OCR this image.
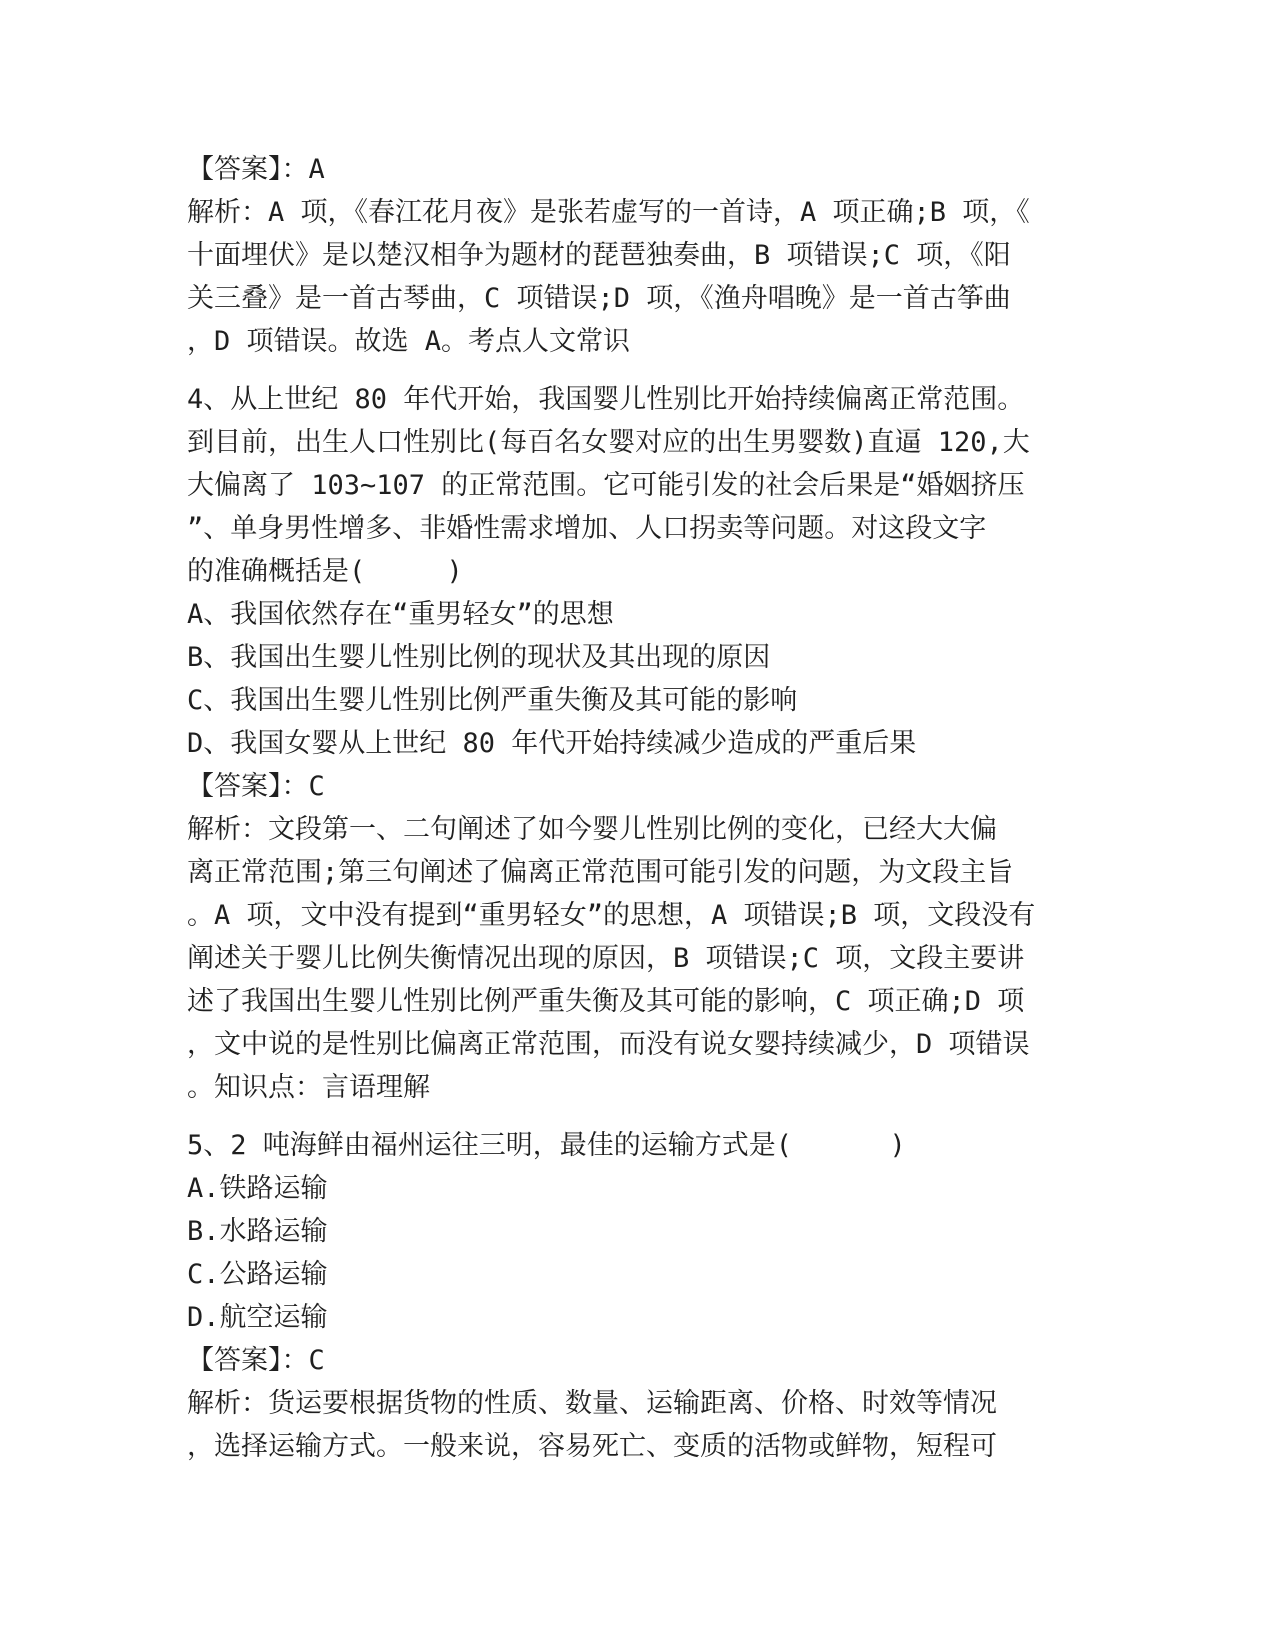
【答案】：A
解析：A 项，《春江花月夜》是张若虚写的一首诗，A 项正确;B 项，《
十面埋伏》是以楚汉相争为题材的琵琶独奏曲，B 项错误;C 项，《阳
关三叠》是一首古琴曲，C 项错误;D 项，《渔舟唱晚》是一首古筝曲
，D 项错误。故选 A。考点人文常识
4、从上世纪 80 年代开始，我国婴儿性别比开始持续偏离正常范围。
到目前，出生人口性别比(每百名女婴对应的出生男婴数)直逼 120,大
大偏离了 103~107 的正常范围。它可能引发的社会后果是“婚姻挤压
”、单身男性增多、非婚性需求增加、人口拐卖等问题。对这段文字
的准确概括是(     )
A、我国依然存在“重男轻女”的思想
B、我国出生婴儿性别比例的现状及其出现的原因
C、我国出生婴儿性别比例严重失衡及其可能的影响
D、我国女婴从上世纪 80 年代开始持续减少造成的严重后果
【答案】：C
解析：文段第一、二句阐述了如今婴儿性别比例的变化，已经大大偏
离正常范围;第三句阐述了偏离正常范围可能引发的问题，为文段主旨
。A 项，文中没有提到“重男轻女”的思想，A 项错误;B 项，文段没有
阐述关于婴儿比例失衡情况出现的原因，B 项错误;C 项，文段主要讲
述了我国出生婴儿性别比例严重失衡及其可能的影响，C 项正确;D 项
，文中说的是性别比偏离正常范围，而没有说女婴持续减少，D 项错误
。知识点：言语理解
5、2 吨海鲜由福州运往三明，最佳的运输方式是(      )
A.铁路运输
B.水路运输
C.公路运输
D.航空运输
【答案】：C
解析：货运要根据货物的性质、数量、运输距离、价格、时效等情况
，选择运输方式。一般来说，容易死亡、变质的活物或鲜物，短程可
